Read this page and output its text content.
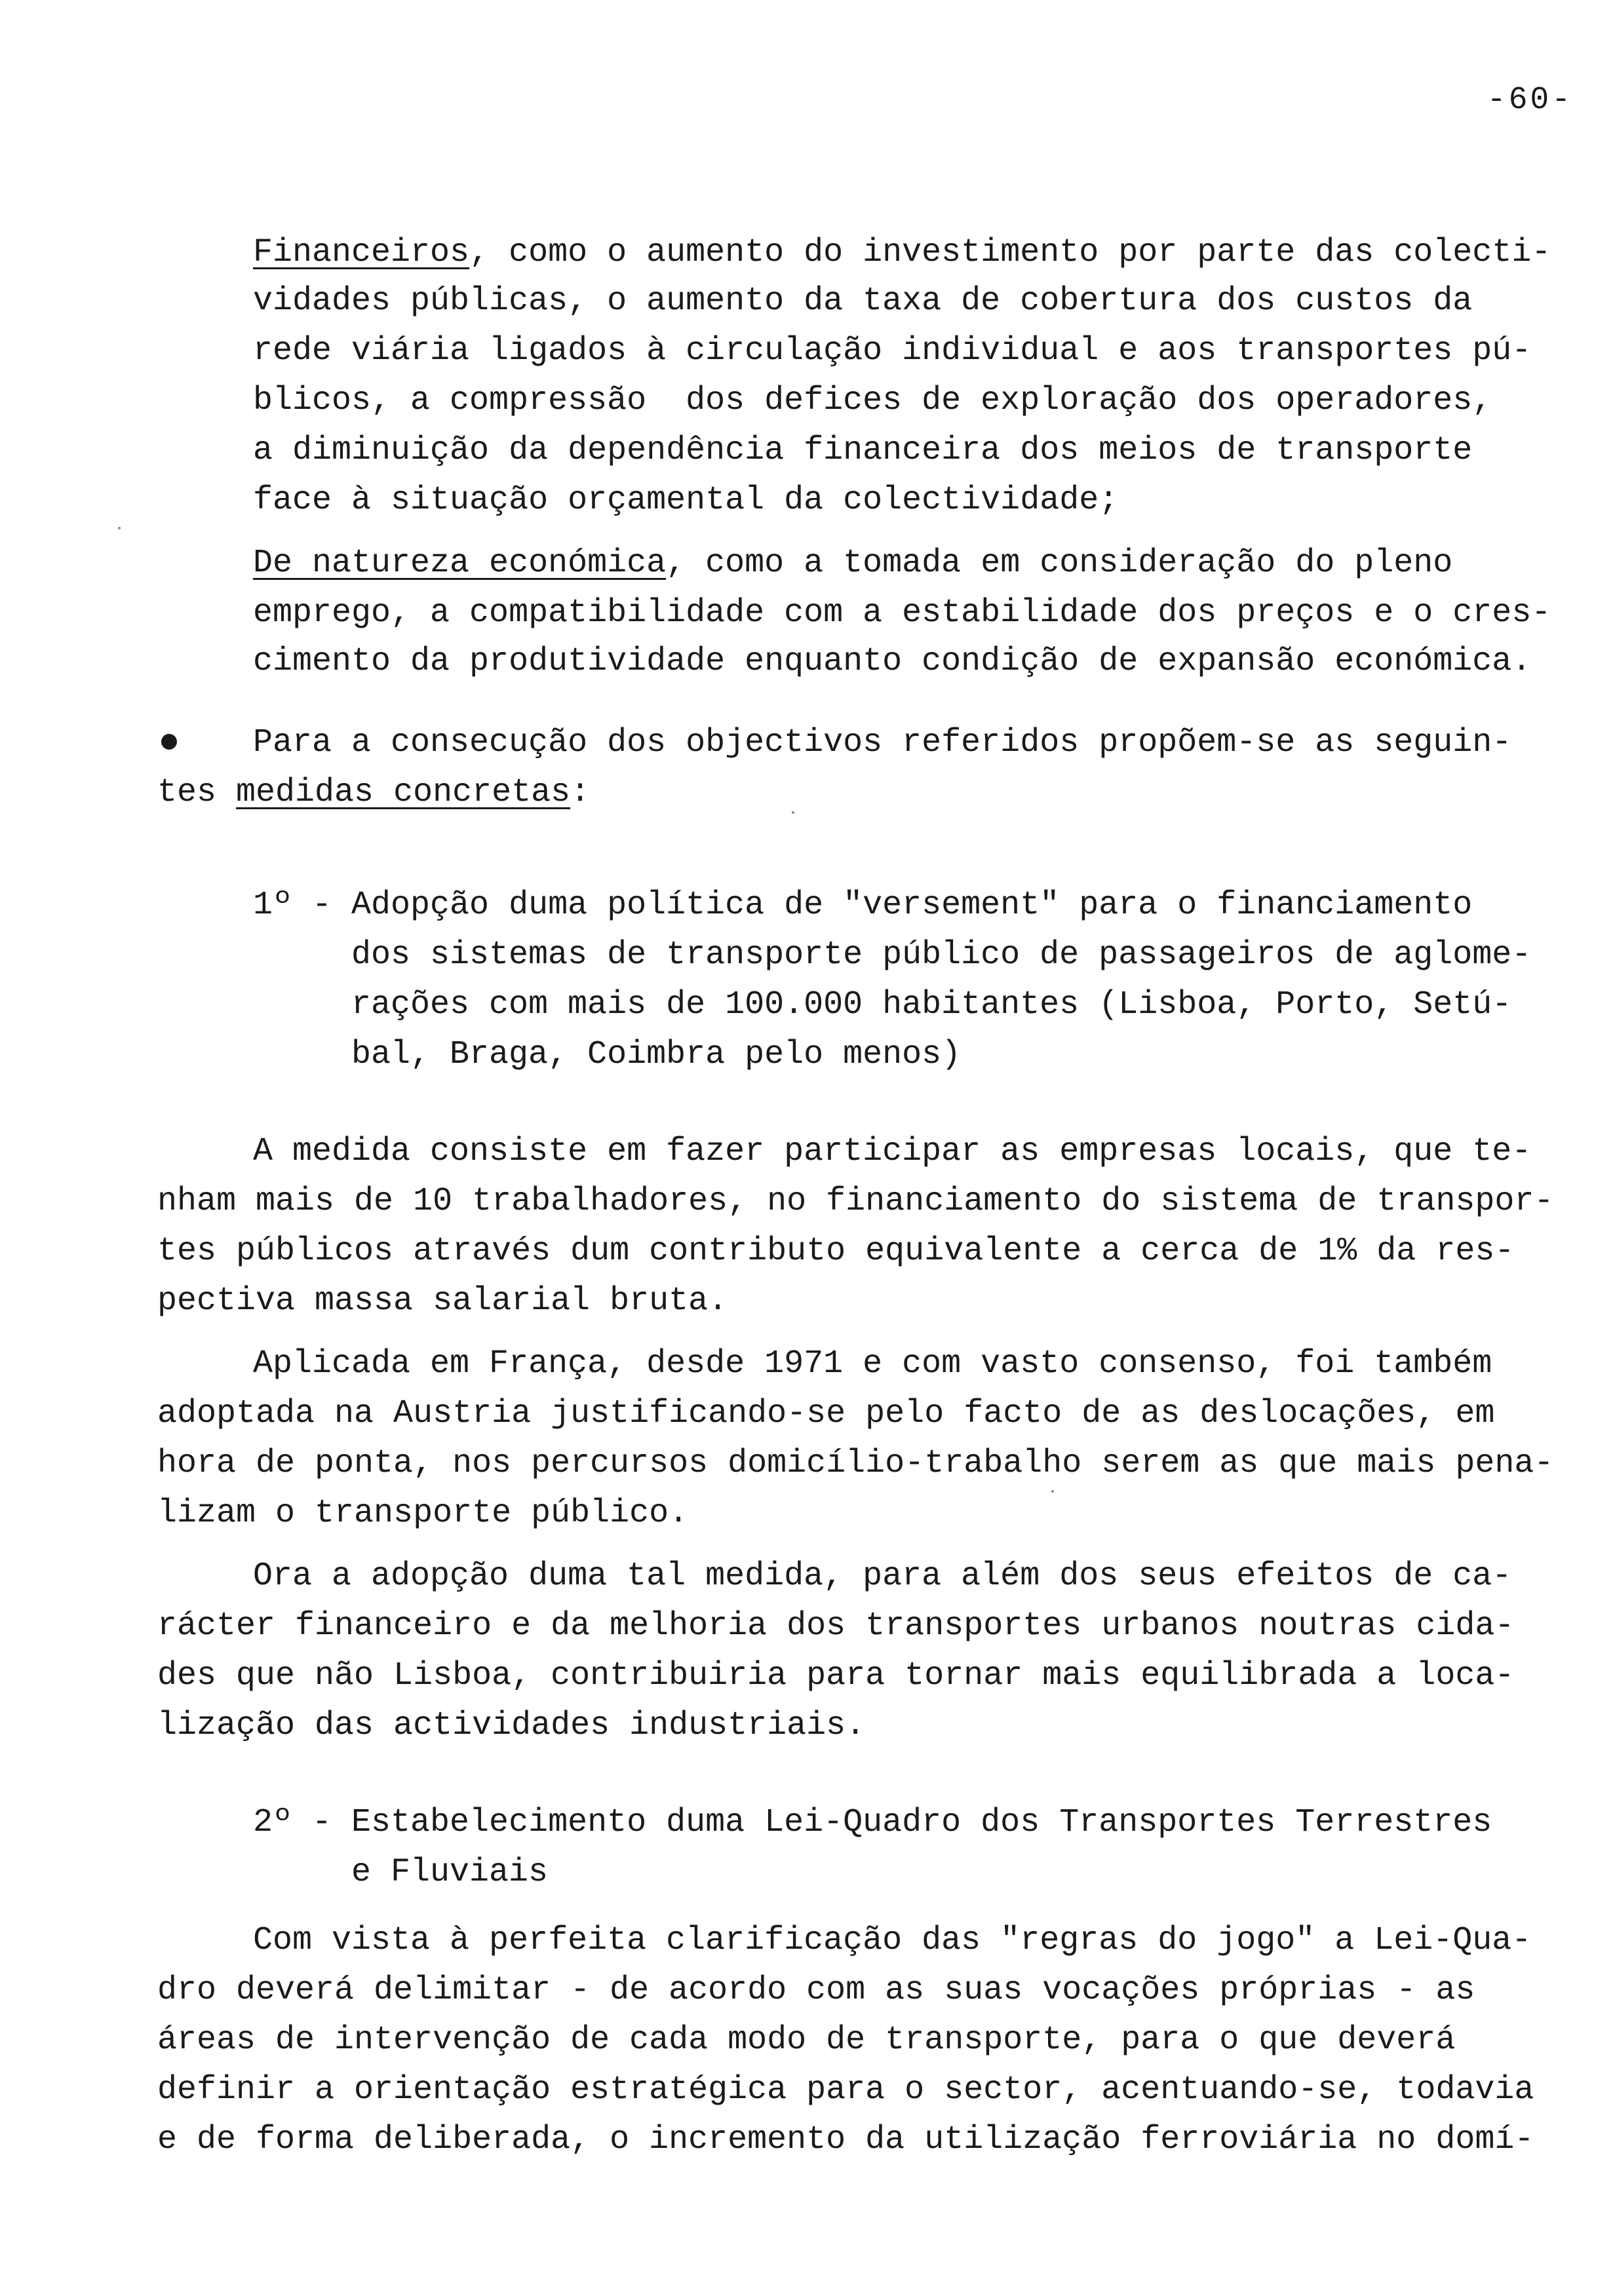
-60-
Financeiros, como o aumento do investimento por parte das colecti-
vidades públicas, o aumento da taxa de cobertura dos custos da
rede viária ligados à circulação individual e aos transportes pú-
blicos, a compressão  dos defices de exploração dos operadores,
a diminuição da dependência financeira dos meios de transporte
face à situação orçamental da colectividade;
De natureza económica, como a tomada em consideração do pleno
emprego, a compatibilidade com a estabilidade dos preços e o cres-
cimento da produtividade enquanto condição de expansão económica.
Para a consecução dos objectivos referidos propõem-se as seguin-
tes medidas concretas:
1º - Adopção duma política de "versement" para o financiamento
dos sistemas de transporte público de passageiros de aglome-
rações com mais de 100.000 habitantes (Lisboa, Porto, Setú-
bal, Braga, Coimbra pelo menos)
A medida consiste em fazer participar as empresas locais, que te-
nham mais de 10 trabalhadores, no financiamento do sistema de transpor-
tes públicos através dum contributo equivalente a cerca de 1% da res-
pectiva massa salarial bruta.
Aplicada em França, desde 1971 e com vasto consenso, foi também
adoptada na Austria justificando-se pelo facto de as deslocações, em
hora de ponta, nos percursos domicílio-trabalho serem as que mais pena-
lizam o transporte público.
Ora a adopção duma tal medida, para além dos seus efeitos de ca-
rácter financeiro e da melhoria dos transportes urbanos noutras cida-
des que não Lisboa, contribuiria para tornar mais equilibrada a loca-
lização das actividades industriais.
2º - Estabelecimento duma Lei-Quadro dos Transportes Terrestres
e Fluviais
Com vista à perfeita clarificação das "regras do jogo" a Lei-Qua-
dro deverá delimitar - de acordo com as suas vocações próprias - as
áreas de intervenção de cada modo de transporte, para o que deverá
definir a orientação estratégica para o sector, acentuando-se, todavia
e de forma deliberada, o incremento da utilização ferroviária no domí-
